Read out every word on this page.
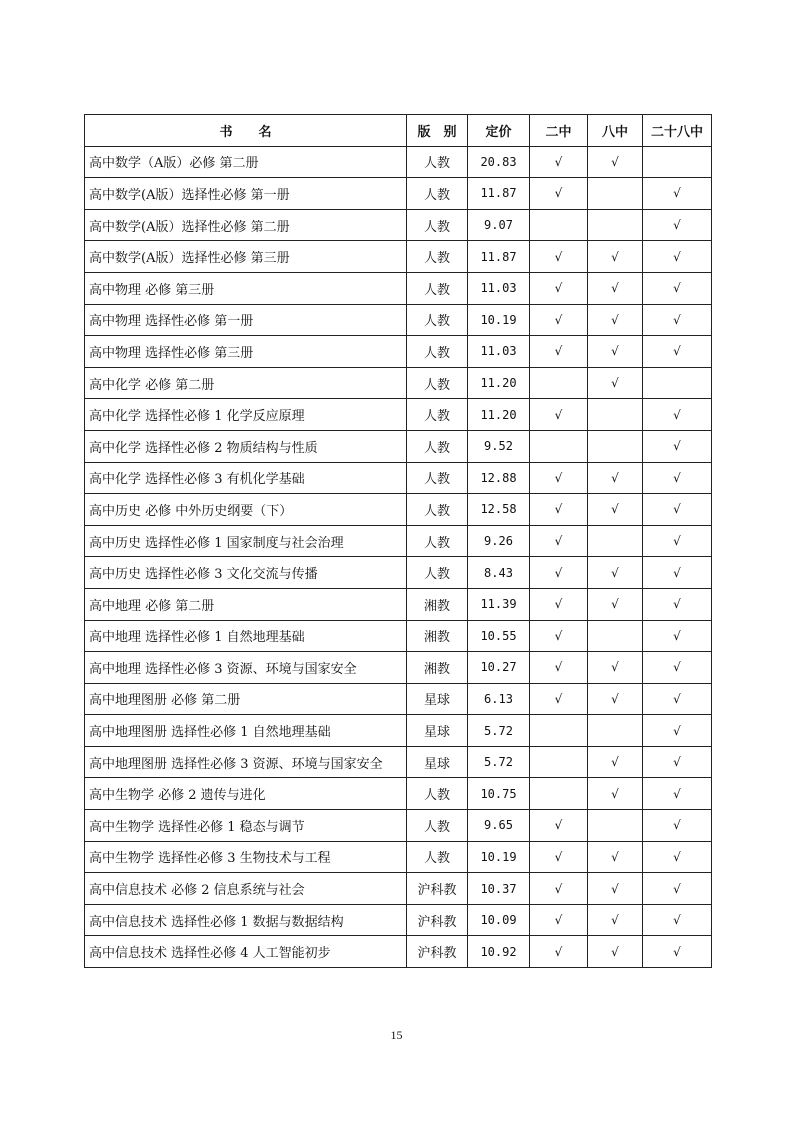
书　　名	版　别	定价	二中	八中	二十八中
高中数学（A版）必修 第二册	人教	20.83	√	√	
高中数学(A版）选择性必修 第一册	人教	11.87	√		√
高中数学(A版）选择性必修 第二册	人教	9.07			√
高中数学(A版）选择性必修 第三册	人教	11.87	√	√	√
高中物理 必修 第三册	人教	11.03	√	√	√
高中物理 选择性必修 第一册	人教	10.19	√	√	√
高中物理 选择性必修 第三册	人教	11.03	√	√	√
高中化学 必修 第二册	人教	11.20		√	
高中化学 选择性必修 1 化学反应原理	人教	11.20	√		√
高中化学 选择性必修 2 物质结构与性质	人教	9.52			√
高中化学 选择性必修 3 有机化学基础	人教	12.88	√	√	√
高中历史 必修 中外历史纲要（下）	人教	12.58	√	√	√
高中历史 选择性必修 1 国家制度与社会治理	人教	9.26	√		√
高中历史 选择性必修 3 文化交流与传播	人教	8.43	√	√	√
高中地理 必修 第二册	湘教	11.39	√	√	√
高中地理 选择性必修 1 自然地理基础	湘教	10.55	√		√
高中地理 选择性必修 3 资源、环境与国家安全	湘教	10.27	√	√	√
高中地理图册 必修 第二册	星球	6.13	√	√	√
高中地理图册 选择性必修 1 自然地理基础	星球	5.72			√
高中地理图册 选择性必修 3 资源、环境与国家安全	星球	5.72		√	√
高中生物学 必修 2 遗传与进化	人教	10.75		√	√
高中生物学 选择性必修 1 稳态与调节	人教	9.65	√		√
高中生物学 选择性必修 3 生物技术与工程	人教	10.19	√	√	√
高中信息技术 必修 2 信息系统与社会	沪科教	10.37	√	√	√
高中信息技术 选择性必修 1 数据与数据结构	沪科教	10.09	√	√	√
高中信息技术 选择性必修 4 人工智能初步	沪科教	10.92	√	√	√
15
